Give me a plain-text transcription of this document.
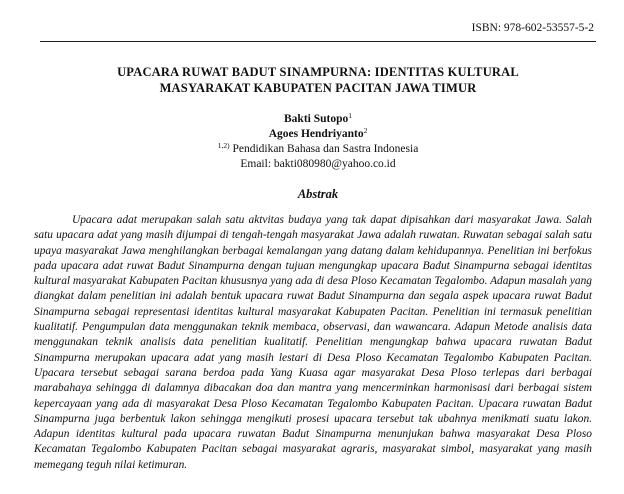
ISBN: 978-602-53557-5-2
UPACARA RUWAT BADUT SINAMPURNA: IDENTITAS KULTURAL
MASYARAKAT KABUPATEN PACITAN JAWA TIMUR
Bakti Sutopo$^1$
Agoes Hendriyanto$^2$
$^{1,2)}$ Pendidikan Bahasa dan Sastra Indonesia
Email: bakti080980@yahoo.co.id
Abstrak
Upacara adat merupakan salah satu aktvitas budaya yang tak dapat dipisahkan dari masyarakat Jawa. Salah satu upacara adat yang masih dijumpai di tengah-tengah masyarakat Jawa adalah ruwatan. Ruwatan sebagai salah satu upaya masyarakat Jawa menghilangkan berbagai kemalangan yang datang dalam kehidupannya. Penelitian ini berfokus pada upacara adat ruwat Badut Sinampurna dengan tujuan mengungkap upacara Badut Sinampurna sebagai identitas kultural masyarakat Kabupaten Pacitan khususnya yang ada di desa Ploso Kecamatan Tegalombo. Adapun masalah yang diangkat dalam penelitian ini adalah bentuk upacara ruwat Badut Sinampurna dan segala aspek upacara ruwat Badut Sinampurna sebagai representasi identitas kultural masyarakat Kabupaten Pacitan. Penelitian ini termasuk penelitian kualitatif. Pengumpulan data menggunakan teknik membaca, observasi, dan wawancara. Adapun Metode analisis data menggunakan teknik analisis data penelitian kualitatif. Penelitian mengungkap bahwa upacara ruwatan Badut Sinampurna merupakan upacara adat yang masih lestari di Desa Ploso Kecamatan Tegalombo Kabupaten Pacitan. Upacara tersebut sebagai sarana berdoa pada Yang Kuasa agar masyarakat Desa Ploso terlepas dari berbagai marabahaya sehingga di dalamnya dibacakan doa dan mantra yang mencerminkan harmonisasi dari berbagai sistem kepercayaan yang ada di masyarakat Desa Ploso Kecamatan Tegalombo Kabupaten Pacitan. Upacara ruwatan Badut Sinampurna juga berbentuk lakon sehingga mengikuti prosesi upacara tersebut tak ubahnya menikmati suatu lakon. Adapun identitas kultural pada upacara ruwatan Badut Sinampurna menunjukan bahwa masyarakat Desa Ploso Kecamatan Tegalombo Kabupaten Pacitan sebagai masyarakat agraris, masyarakat simbol, masyarakat yang masih memegang teguh nilai ketimuran.
